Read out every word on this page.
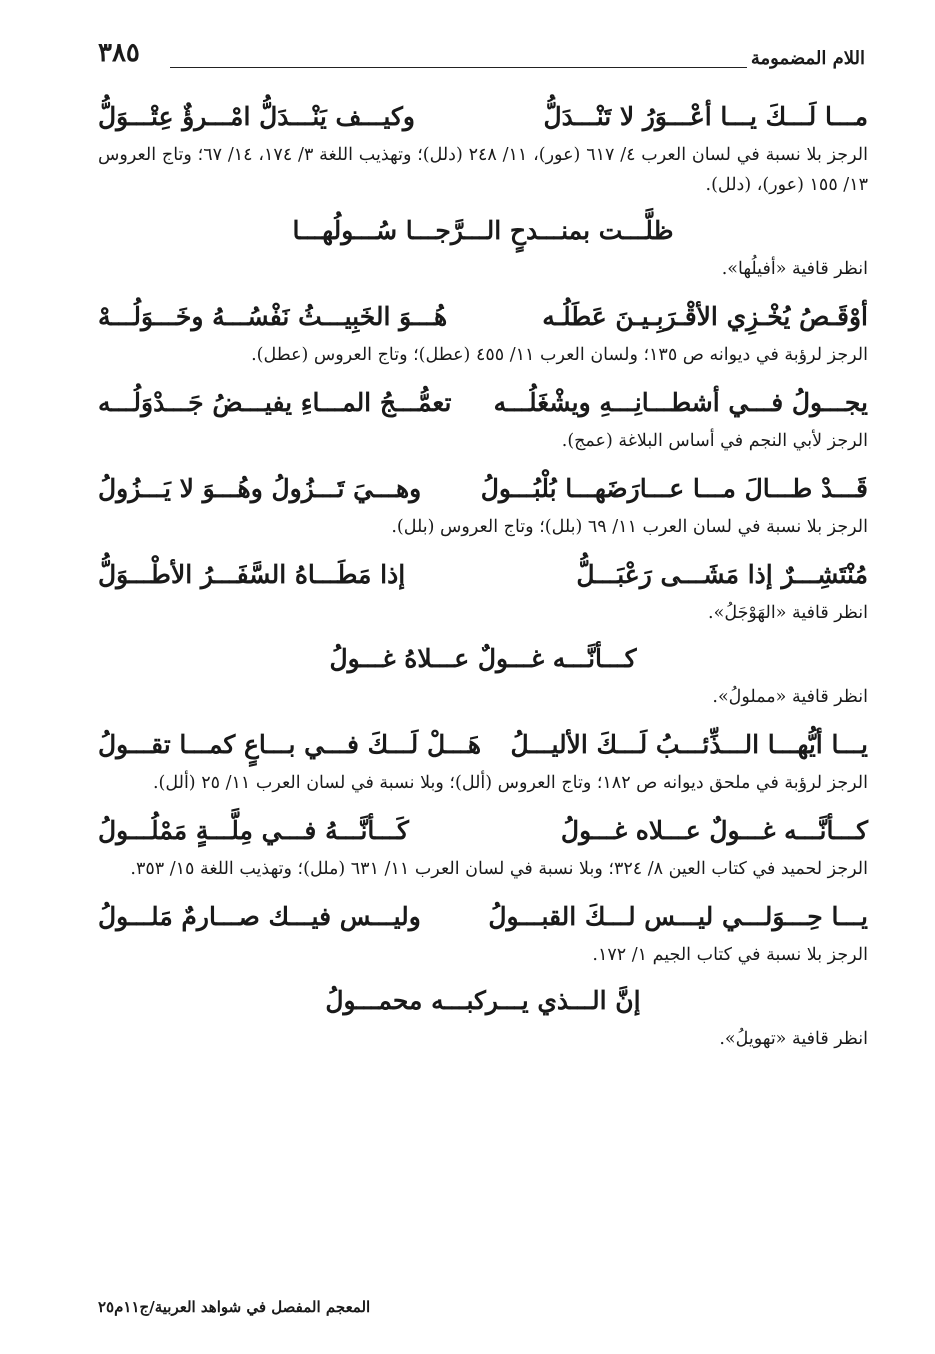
اللام المضمومة
٣٨٥
مـــا لَـــكَ يـــا أعْـــوَرُ لا تَنْـــدَلُّ
وكيـــف يَنْـــدَلُّ امْـــرؤٌ عِتْـــوَلُّ
الرجز بلا نسبة في لسان العرب ٤/ ٦١٧ (عور)، ١١/ ٢٤٨ (دلل)؛ وتهذيب اللغة ٣/ ١٧٤، ١٤/ ٦٧؛ وتاج العروس ١٣/ ١٥٥ (عور)، (دلل).
ظلَّـــت بمنـــدحٍ الـــرَّجـــا سُـــولُهـــا
انظر قافية «أفيلُها».
أوْقَـصُ يُخْـزِي الأقْـرَبِـيـنَ عَطَلُـه
هُـــوَ الخَبِيـــثُ نَفْسُـــهُ وخَـــوَلُـــهْ
الرجز لرؤبة في ديوانه ص ١٣٥؛ ولسان العرب ١١/ ٤٥٥ (عطل)؛ وتاج العروس (عطل).
يجـــولُ فـــي أشطـــانِـــهِ ويشْغَلُـــه
تعمُّـــجُ المـــاءِ يفيـــضُ جَـــدْوَلُـــه
الرجز لأبي النجم في أساس البلاغة (عمج).
قَـــدْ طـــالَ مـــا عـــارَضَهـــا بُلْبُـــولُ
وهـــيَ تَـــزُولُ وهُـــوَ لا يَـــزُولُ
الرجز بلا نسبة في لسان العرب ١١/ ٦٩ (بلل)؛ وتاج العروس (بلل).
مُنْتَشِـــرٌ إذا مَشَـــى رَعْبَـــلُّ
إذا مَطَـــاهُ السَّفَـــرُ الأطْـــوَلُّ
انظر قافية «الهَوْجَلُ».
كـــأنَّـــه غـــولٌ عـــلاهُ غـــولُ
انظر قافية «مملولُ».
يـــا أيُّهـــا الـــذِّئـــبُ لَـــكَ الأليـــلُ
هَـــلْ لَـــكَ فـــي بـــاعٍ كمـــا تقـــولُ
الرجز لرؤبة في ملحق ديوانه ص ١٨٢؛ وتاج العروس (ألل)؛ وبلا نسبة في لسان العرب ١١/ ٢٥ (ألل).
كـــأنَّـــه غـــولٌ عـــلاه غـــولُ
كَـــأنَّـــهُ فـــي مِلَّـــةٍ مَمْلُـــولُ
الرجز لحميد في كتاب العين ٨/ ٣٢٤؛ وبلا نسبة في لسان العرب ١١/ ٦٣١ (ملل)؛ وتهذيب اللغة ١٥/ ٣٥٣.
يـــا حِـــوَلـــي ليـــس لـــكَ القبـــولُ
وليـــس فيـــك صـــارمٌ مَلـــولُ
الرجز بلا نسبة في كتاب الجيم ١/ ١٧٢.
إنَّ الـــذي يـــركبـــه محمـــولُ
انظر قافية «تهويلُ».
المعجم المفصل في شواهد العربية/ج١١م٢٥
